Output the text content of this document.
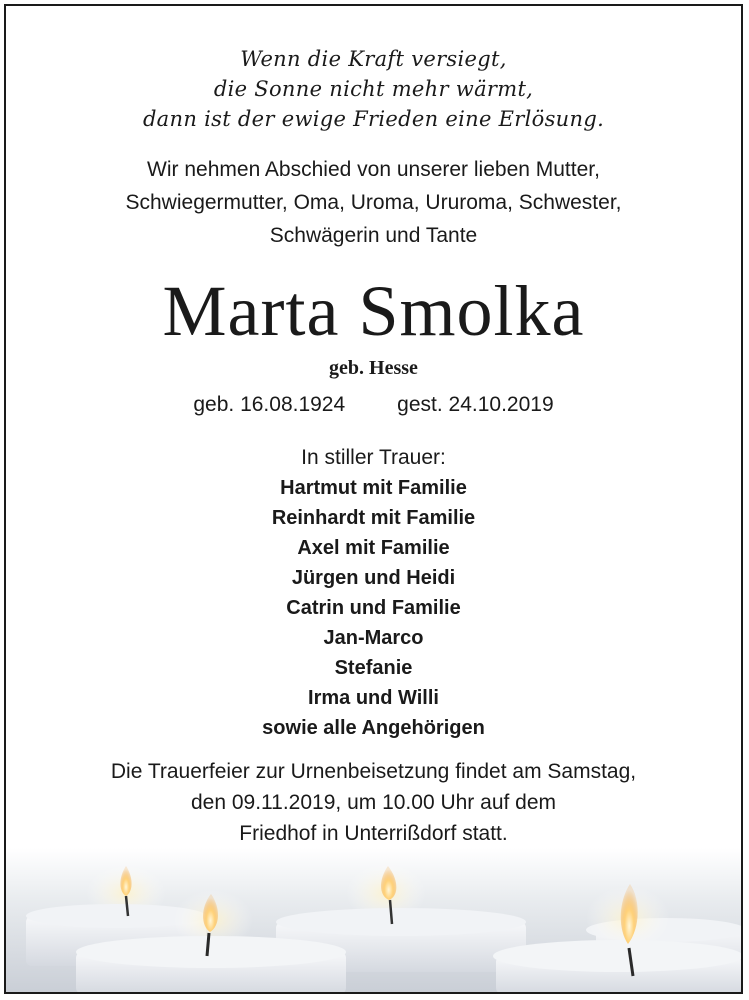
Wenn die Kraft versiegt,
die Sonne nicht mehr wärmt,
dann ist der ewige Frieden eine Erlösung.
Wir nehmen Abschied von unserer lieben Mutter,
Schwiegermutter, Oma, Uroma, Ururoma, Schwester,
Schwägerin und Tante
Marta Smolka
geb. Hesse
geb. 16.08.1924 gest. 24.10.2019
In stiller Trauer:
Hartmut mit Familie
Reinhardt mit Familie
Axel mit Familie
Jürgen und Heidi
Catrin und Familie
Jan-Marco
Stefanie
Irma und Willi
sowie alle Angehörigen
Die Trauerfeier zur Urnenbeisetzung findet am Samstag,
den 09.11.2019, um 10.00 Uhr auf dem
Friedhof in Unterrißdorf statt.
